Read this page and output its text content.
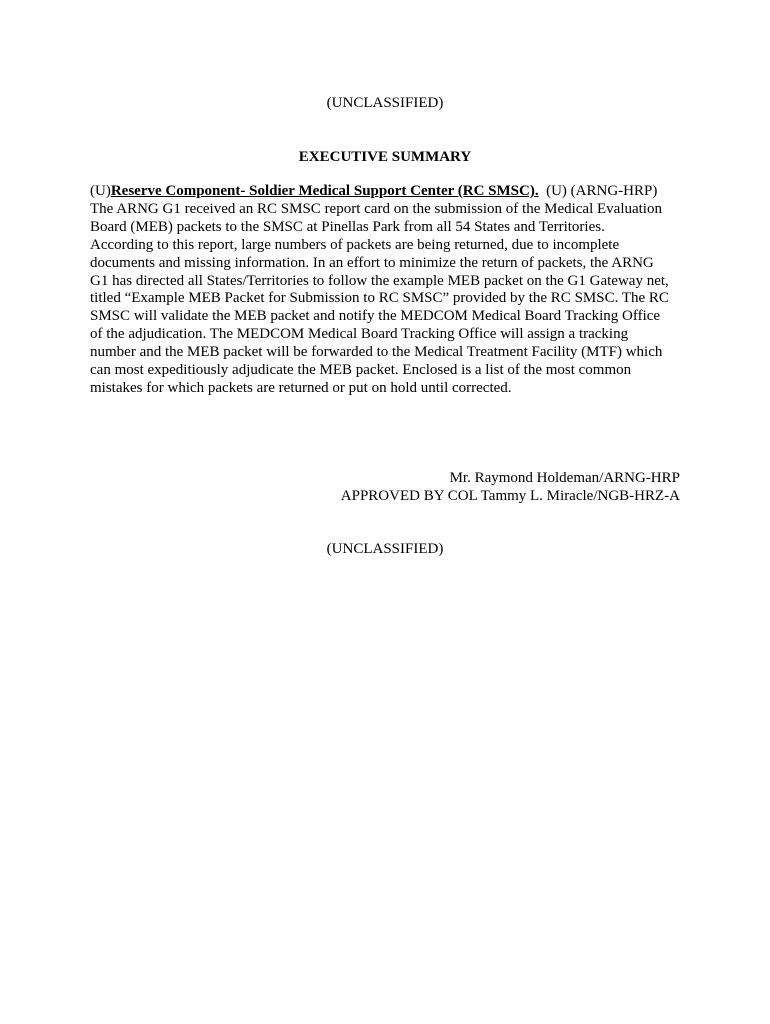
(UNCLASSIFIED)
EXECUTIVE SUMMARY
(U)Reserve Component- Soldier Medical Support Center (RC SMSC).  (U) (ARNG-HRP)
The ARNG G1 received an RC SMSC report card on the submission of the Medical Evaluation
Board (MEB) packets to the SMSC at Pinellas Park from all 54 States and Territories.
According to this report, large numbers of packets are being returned, due to incomplete
documents and missing information. In an effort to minimize the return of packets, the ARNG
G1 has directed all States/Territories to follow the example MEB packet on the G1 Gateway net,
titled “Example MEB Packet for Submission to RC SMSC” provided by the RC SMSC. The RC
SMSC will validate the MEB packet and notify the MEDCOM Medical Board Tracking Office
of the adjudication. The MEDCOM Medical Board Tracking Office will assign a tracking
number and the MEB packet will be forwarded to the Medical Treatment Facility (MTF) which
can most expeditiously adjudicate the MEB packet. Enclosed is a list of the most common
mistakes for which packets are returned or put on hold until corrected.
Mr. Raymond Holdeman/ARNG-HRP
APPROVED BY COL Tammy L. Miracle/NGB-HRZ-A
(UNCLASSIFIED)
